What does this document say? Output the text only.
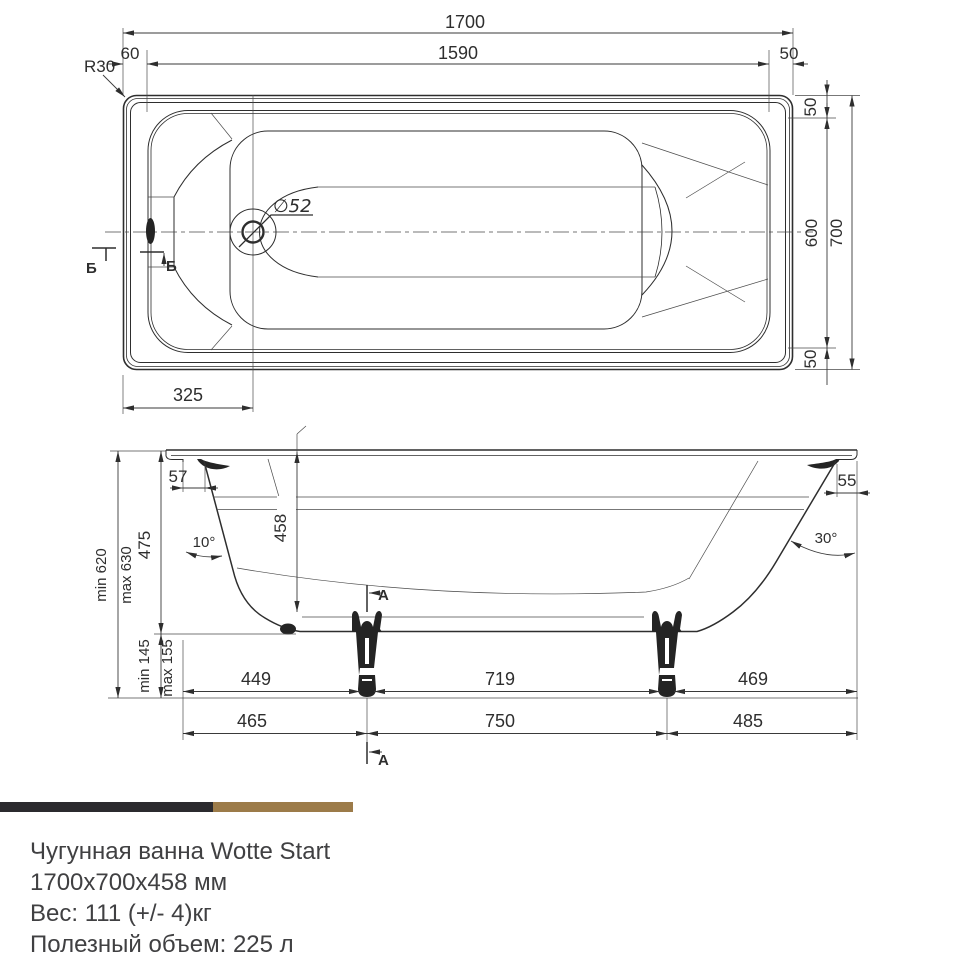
∅52
1700
1590
60	50
R30
50
600
50
700
325
Б	Б
min 620 max 630
475
min 145 max 155
57
10°
55
30°
458
449	719	469
465	750	485
А
А
Чугунная ванна Wotte Start
1700х700х458 мм
Вес: 111 (+/- 4)кг
Полезный объем: 225 л
